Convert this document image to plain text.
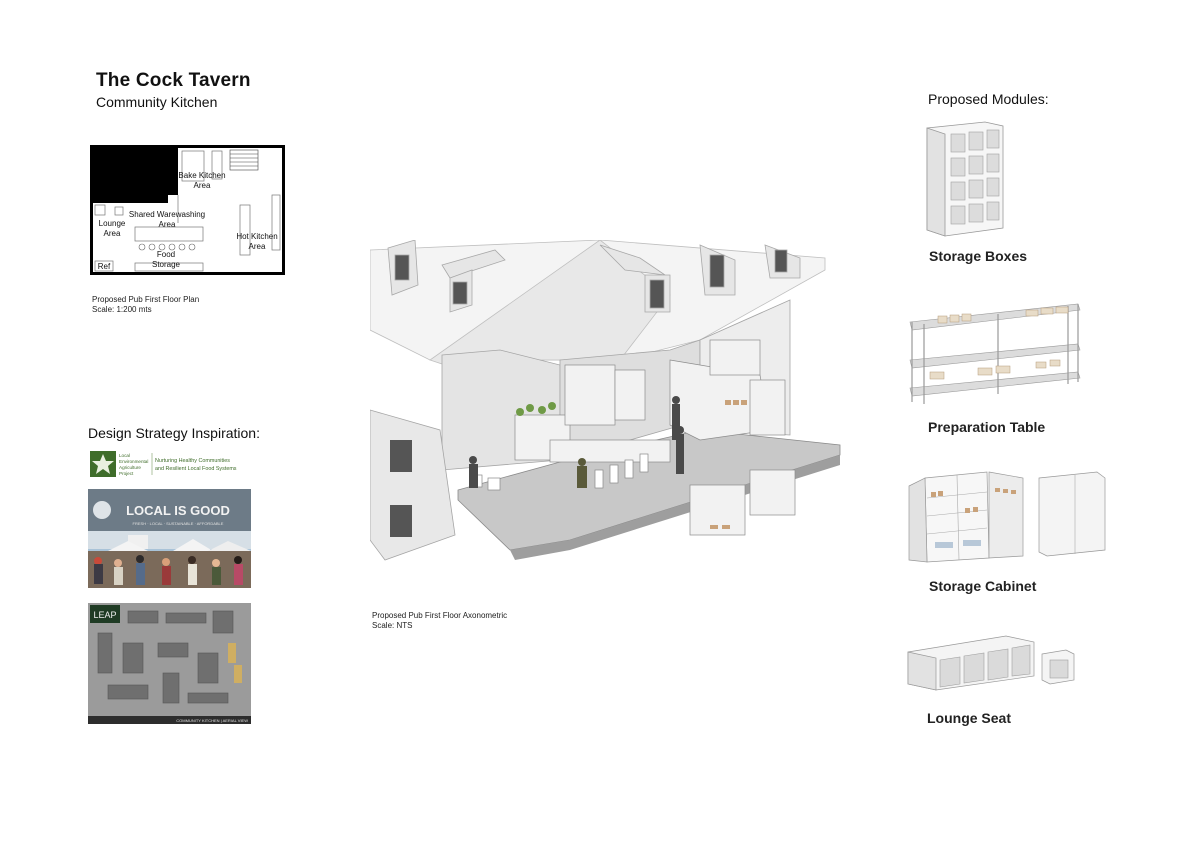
The Cock Tavern
Community Kitchen
Bake Kitchen
Area
Shared Warewashing
Area
Lounge
Area	Hot Kitchen
Area
Food
Storage
Ref
Proposed Pub First Floor Plan
Scale: 1:200 mts
Design Strategy Inspiration:
Local
Environmental
Agriculture
Project
Nurturing Healthy Communities
and Resilient Local Food Systems
LOCAL IS GOOD
FRESH · LOCAL · SUSTAINABLE · AFFORDABLE
LEAP
COMMUNITY KITCHEN | AERIAL VIEW
Proposed Pub First Floor Axonometric
Scale: NTS
Proposed Modules:
Storage Boxes
Preparation Table
Storage Cabinet
Lounge Seat
